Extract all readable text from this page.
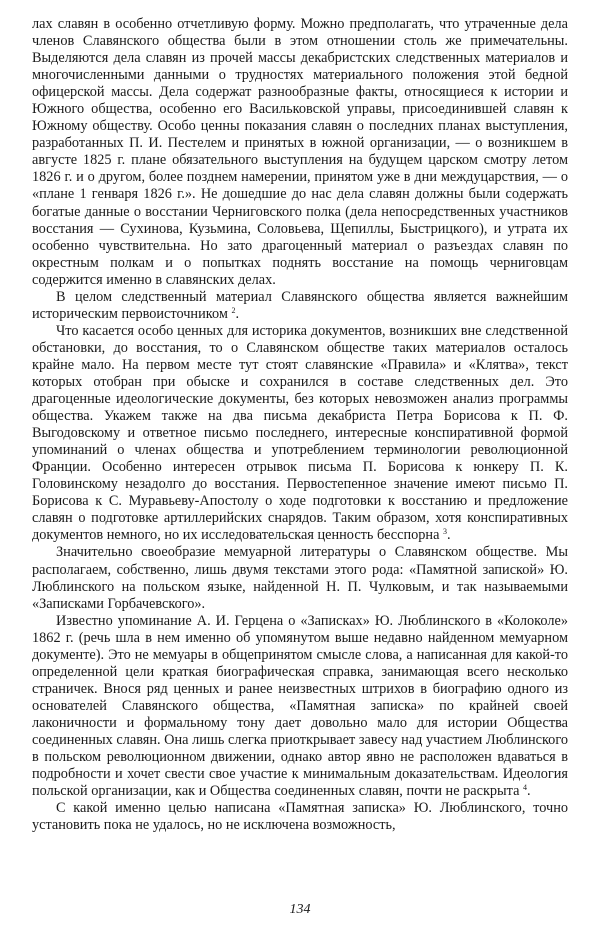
лах славян в особенно отчетливую форму. Можно предполагать, что утраченные дела членов Славянского общества были в этом отношении столь же примечательны. Выделяются дела славян из прочей массы декабристских следственных материалов и многочисленными данными о трудностях материального положения этой бедной офицерской массы. Дела содержат разнообразные факты, относящиеся к истории и Южного общества, особенно его Васильковской управы, присоединившей славян к Южному обществу. Особо ценны показания славян о последних планах выступления, разработанных П. И. Пестелем и принятых в южной организации, — о возникшем в августе 1825 г. плане обязательного выступления на будущем царском смотру летом 1826 г. и о другом, более позднем намерении, принятом уже в дни междуцарствия, — о «плане 1 генваря 1826 г.». Не дошедшие до нас дела славян должны были содержать богатые данные о восстании Черниговского полка (дела непосредственных участников восстания — Сухинова, Кузьмина, Соловьева, Щепиллы, Быстрицкого), и утрата их особенно чувствительна. Но зато драгоценный материал о разъездах славян по окрестным полкам и о попытках поднять восстание на помощь черниговцам содержится именно в славянских делах.

В целом следственный материал Славянского общества является важнейшим историческим первоисточником $^2$.

Что касается особо ценных для историка документов, возникших вне следственной обстановки, до восстания, то о Славянском обществе таких материалов осталось крайне мало. На первом месте тут стоят славянские «Правила» и «Клятва», текст которых отобран при обыске и сохранился в составе следственных дел. Это драгоценные идеологические документы, без которых невозможен анализ программы общества. Укажем также на два письма декабриста Петра Борисова к П. Ф. Выгодовскому и ответное письмо последнего, интересные конспиративной формой упоминаний о членах общества и употреблением терминологии революционной Франции. Особенно интересен отрывок письма П. Борисова к юнкеру П. К. Головинскому незадолго до восстания. Первостепенное значение имеют письмо П. Борисова к С. Муравьеву-Апостолу о ходе подготовки к восстанию и предложение славян о подготовке артиллерийских снарядов. Таким образом, хотя конспиративных документов немного, но их исследовательская ценность бесспорна $^3$.

Значительно своеобразие мемуарной литературы о Славянском обществе. Мы располагаем, собственно, лишь двумя текстами этого рода: «Памятной запиской» Ю. Люблинского на польском языке, найденной Н. П. Чулковым, и так называемыми «Записками Горбачевского».

Известно упоминание А. И. Герцена о «Записках» Ю. Люблинского в «Колоколе» 1862 г. (речь шла в нем именно об упомянутом выше недавно найденном мемуарном документе). Это не мемуары в общепринятом смысле слова, а написанная для какой-то определенной цели краткая биографическая справка, занимающая всего несколько страничек. Внося ряд ценных и ранее неизвестных штрихов в биографию одного из основателей Славянского общества, «Памятная записка» по крайней своей лаконичности и формальному тону дает довольно мало для истории Общества соединенных славян. Она лишь слегка приоткрывает завесу над участием Люблинского в польском революционном движении, однако автор явно не расположен вдаваться в подробности и хочет свести свое участие к минимальным доказательствам. Идеология польской организации, как и Общества соединенных славян, почти не раскрыта $^4$.

С какой именно целью написана «Памятная записка» Ю. Люблинского, точно установить пока не удалось, но не исключена возможность,

134
